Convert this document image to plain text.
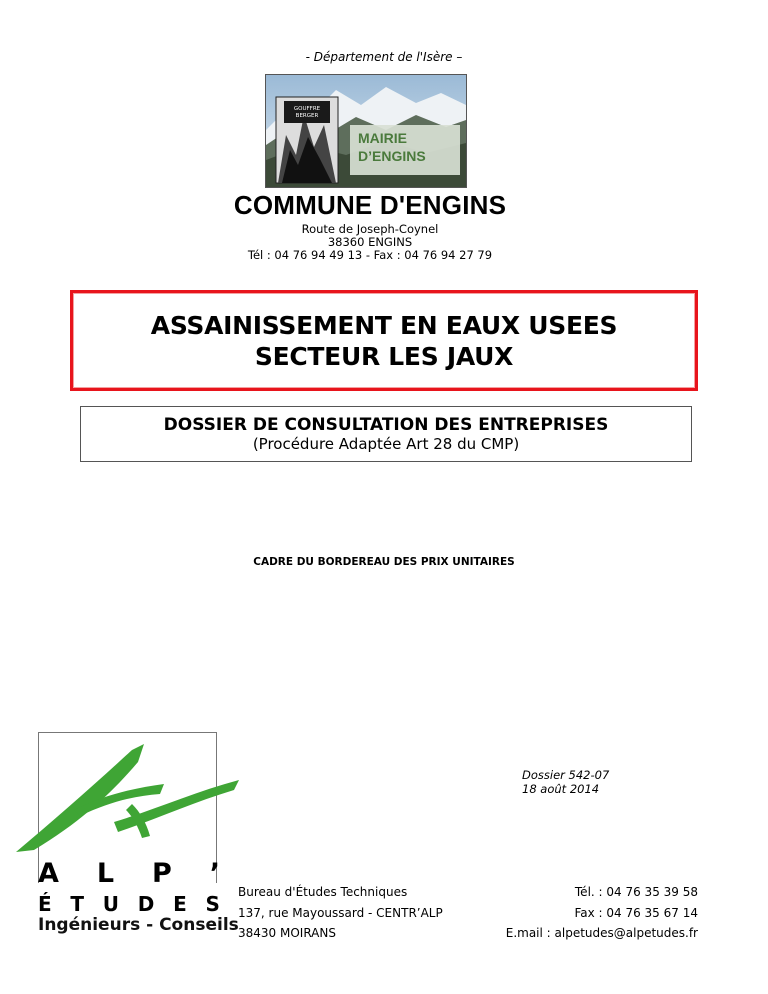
- Département de l'Isère –
GOUFFRE
BERGER
MAIRIE
D’ENGINS
COMMUNE D'ENGINS
Route de Joseph-Coynel
38360 ENGINS
Tél : 04 76 94 49 13 - Fax : 04 76 94 27 79
ASSAINISSEMENT EN EAUX USEES
SECTEUR LES JAUX
DOSSIER DE CONSULTATION DES ENTREPRISES
(Procédure Adaptée Art 28 du CMP)
CADRE DU BORDEREAU DES PRIX UNITAIRES
Dossier 542-07
18 août 2014
A L P ’
É T U D E S
Ingénieurs - Conseils
Bureau d'Études Techniques
137, rue Mayoussard - CENTR’ALP
38430 MOIRANS
Tél. : 04 76 35 39 58
Fax : 04 76 35 67 14
E.mail : alpetudes@alpetudes.fr
